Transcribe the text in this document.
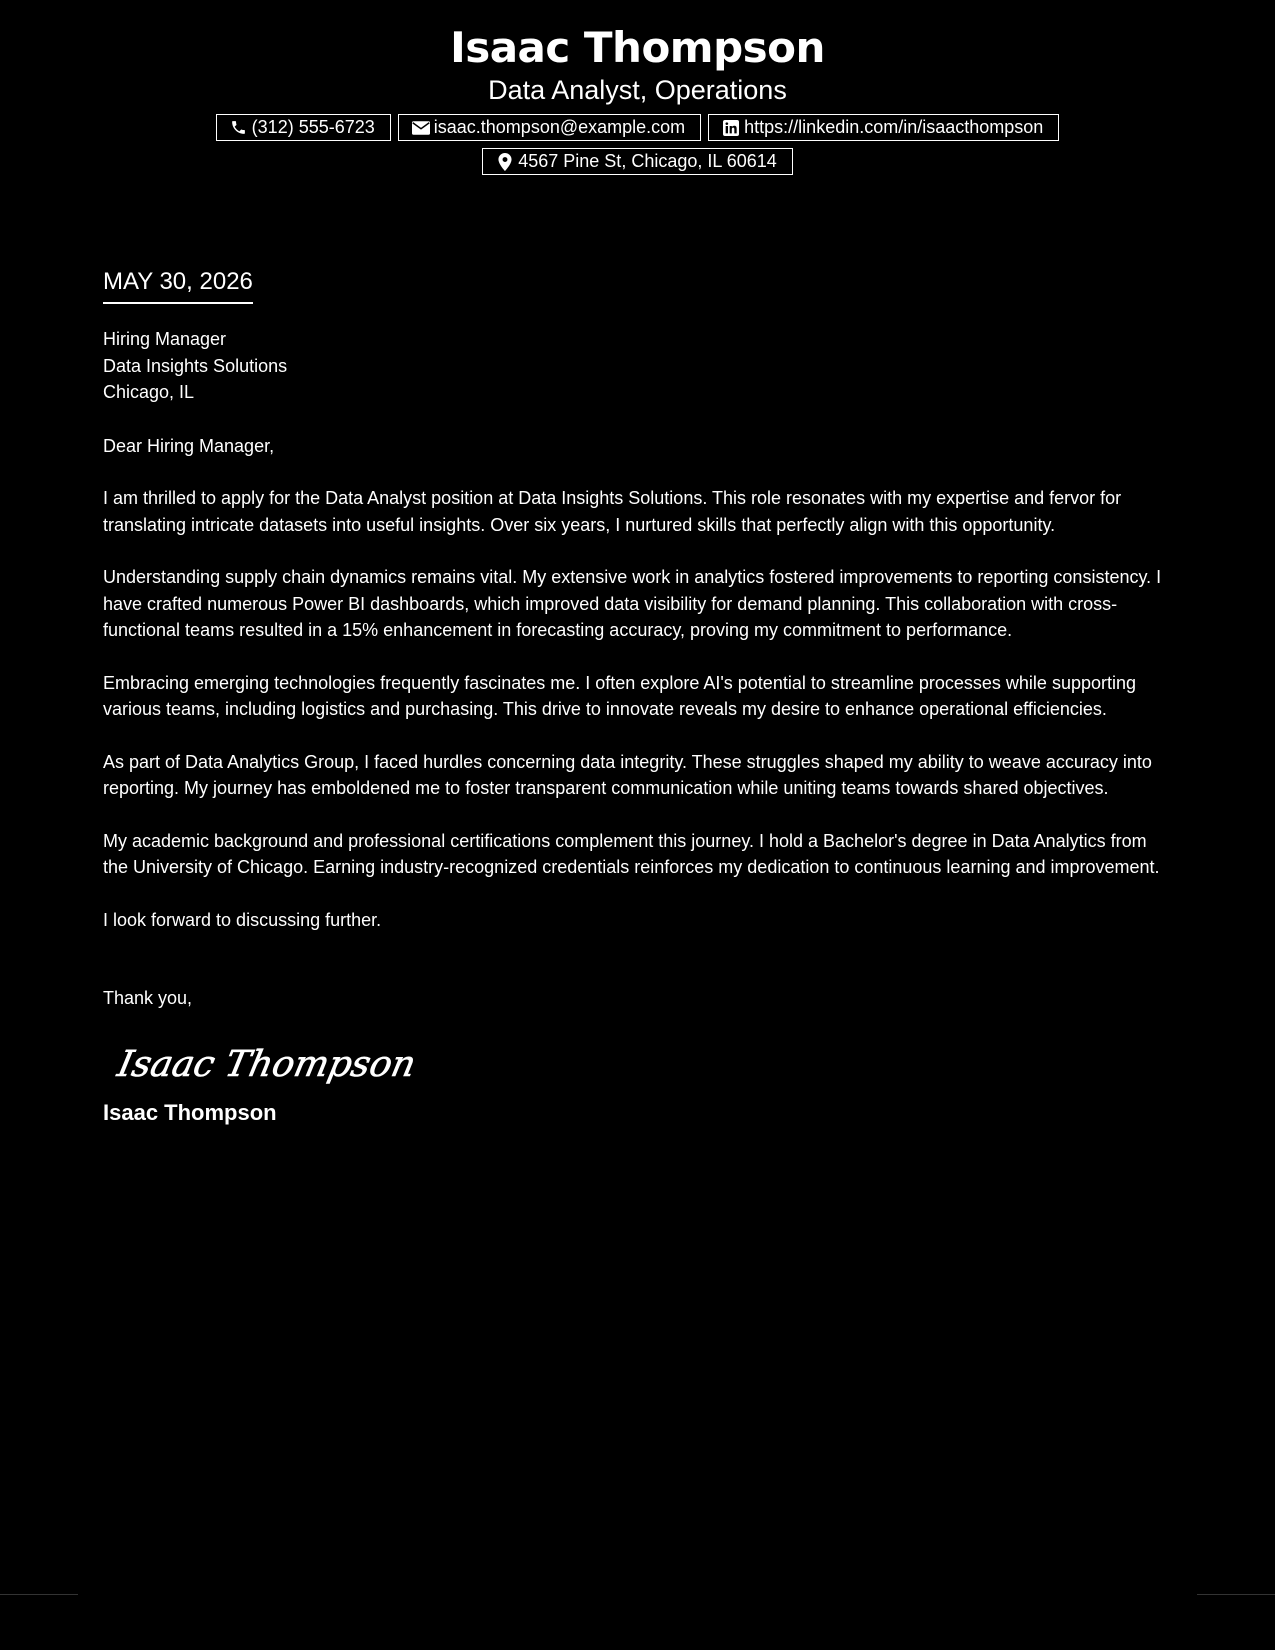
Isaac Thompson
Data Analyst, Operations
(312) 555-6723	isaac.thompson@example.com	https://linkedin.com/in/isaacthompson
4567 Pine St, Chicago, IL 60614
MAY 30, 2026
Hiring Manager
Data Insights Solutions
Chicago, IL
Dear Hiring Manager,

I am thrilled to apply for the Data Analyst position at Data Insights Solutions. This role resonates with my expertise and fervor for translating intricate datasets into useful insights. Over six years, I nurtured skills that perfectly align with this opportunity.

Understanding supply chain dynamics remains vital. My extensive work in analytics fostered improvements to reporting consistency. I have crafted numerous Power BI dashboards, which improved data visibility for demand planning. This collaboration with cross-functional teams resulted in a 15% enhancement in forecasting accuracy, proving my commitment to performance.

Embracing emerging technologies frequently fascinates me. I often explore AI's potential to streamline processes while supporting various teams, including logistics and purchasing. This drive to innovate reveals my desire to enhance operational efficiencies.

As part of Data Analytics Group, I faced hurdles concerning data integrity. These struggles shaped my ability to weave accuracy into reporting. My journey has emboldened me to foster transparent communication while uniting teams towards shared objectives.

My academic background and professional certifications complement this journey. I hold a Bachelor's degree in Data Analytics from the University of Chicago. Earning industry-recognized credentials reinforces my dedication to continuous learning and improvement.

I look forward to discussing further.

Thank you,
Isaac Thompson
Isaac Thompson
